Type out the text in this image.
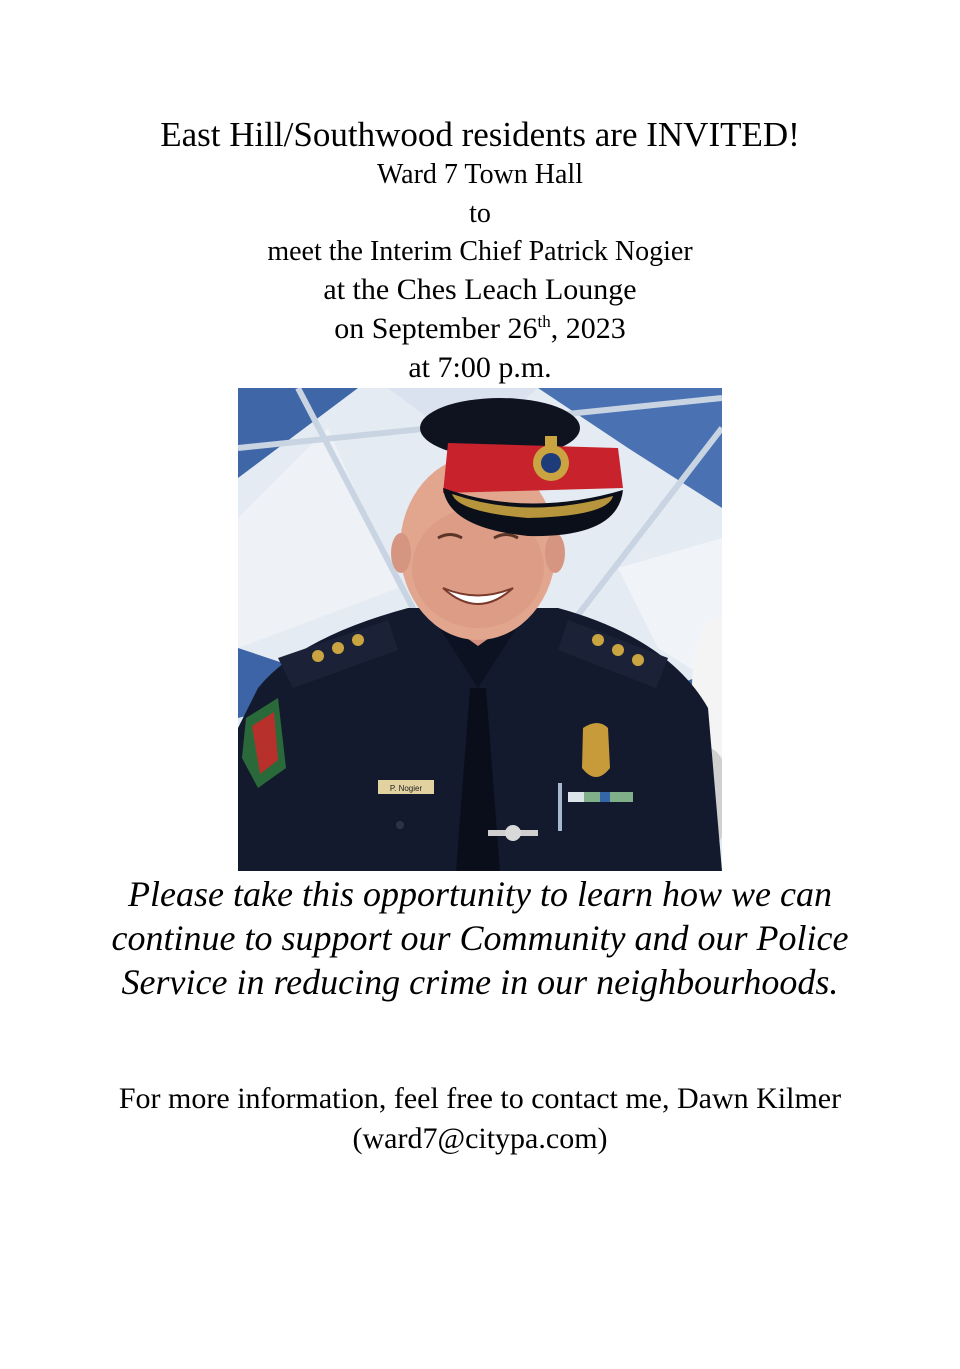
East Hill/Southwood residents are INVITED!

Ward 7 Town Hall

to

meet the Interim Chief Patrick Nogier

at the Ches Leach Lounge

on September 26th, 2023

at 7:00 p.m.

P. Nogier

Please take this opportunity to learn how we can continue to support our Community and our Police Service in reducing crime in our neighbourhoods.

For more information, feel free to contact me, Dawn Kilmer (ward7@citypa.com)
